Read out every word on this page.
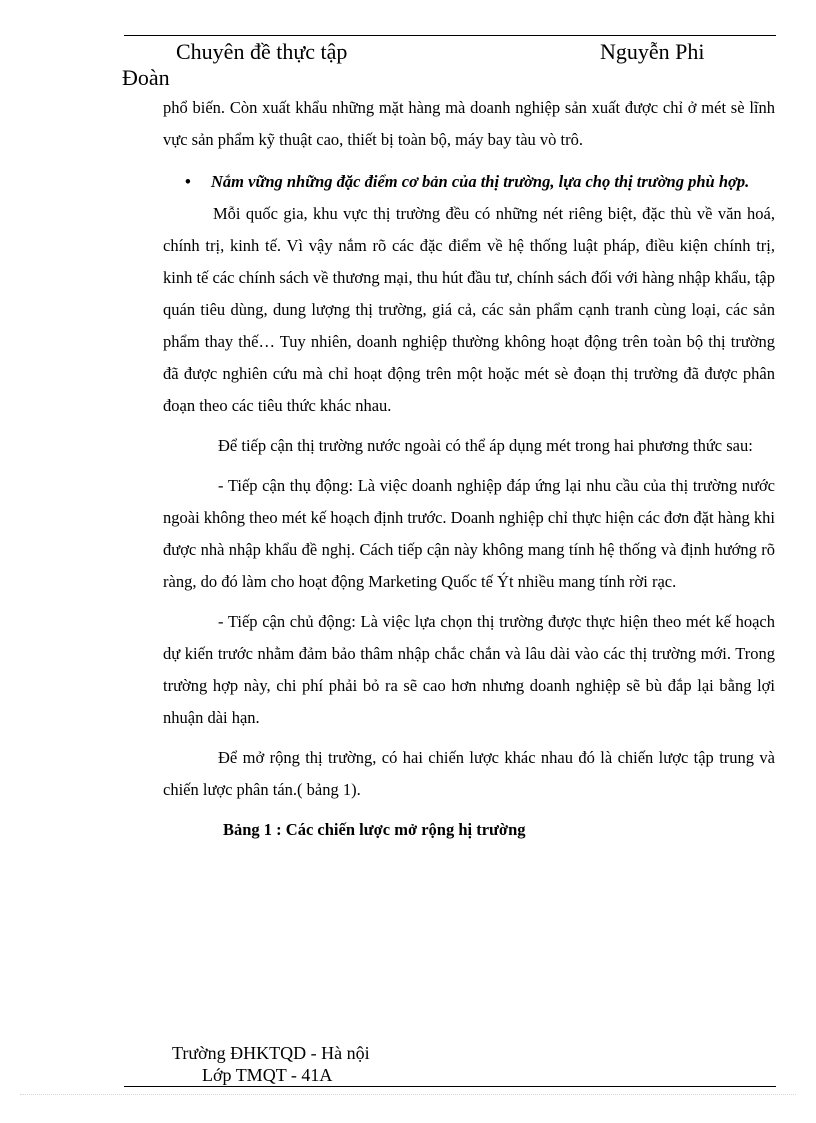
Chuyên đề thực tập	Nguyễn Phi
Đoàn

phổ biến. Còn xuất khẩu những mặt hàng mà doanh nghiệp sản xuất được chỉ ở mét sè lĩnh vực sản phẩm kỹ thuật cao, thiết bị toàn bộ, máy bay tàu vò trô.

• Nắm vững những đặc điểm cơ bản của thị trường, lựa chọ thị trường phù hợp.

Mỗi quốc gia, khu vực thị trường đều có những nét riêng biệt, đặc thù về văn hoá, chính trị, kinh tế. Vì vậy nắm rõ các đặc điểm về hệ thống luật pháp, điều kiện chính trị, kinh tế các chính sách về thương mại, thu hút đầu tư, chính sách đối với hàng nhập khẩu, tập quán tiêu dùng, dung lượng thị trường, giá cả, các sản phẩm cạnh tranh cùng loại, các sản phẩm thay thế… Tuy nhiên, doanh nghiệp thường không hoạt động trên toàn bộ thị trường đã được nghiên cứu mà chỉ hoạt động trên một hoặc mét sè đoạn thị trường đã được phân đoạn theo các tiêu thức khác nhau.

Để tiếp cận thị trường nước ngoài có thể áp dụng mét trong hai phương thức sau:

- Tiếp cận thụ động: Là việc doanh nghiệp đáp ứng lại nhu cầu của thị trường nước ngoài không theo mét kế hoạch định trước. Doanh nghiệp chỉ thực hiện các đơn đặt hàng khi được nhà nhập khẩu đề nghị. Cách tiếp cận này không mang tính hệ thống và định hướng rõ ràng, do đó làm cho hoạt động Marketing Quốc tế Ýt nhiều mang tính rời rạc.

- Tiếp cận chủ động: Là việc lựa chọn thị trường được thực hiện theo mét kế hoạch dự kiến trước nhằm đảm bảo thâm nhập chắc chắn và lâu dài vào các thị trường mới. Trong trường hợp này, chi phí phải bỏ ra sẽ cao hơn nhưng doanh nghiệp sẽ bù đắp lại bằng lợi nhuận dài hạn.

Để mở rộng thị trường, có hai chiến lược khác nhau đó là chiến lược tập trung và chiến lược phân tán.( bảng 1).

Bảng 1 : Các chiến lược mở rộng hị trường

Trường ĐHKTQD - Hà nội
Lớp TMQT - 41A
